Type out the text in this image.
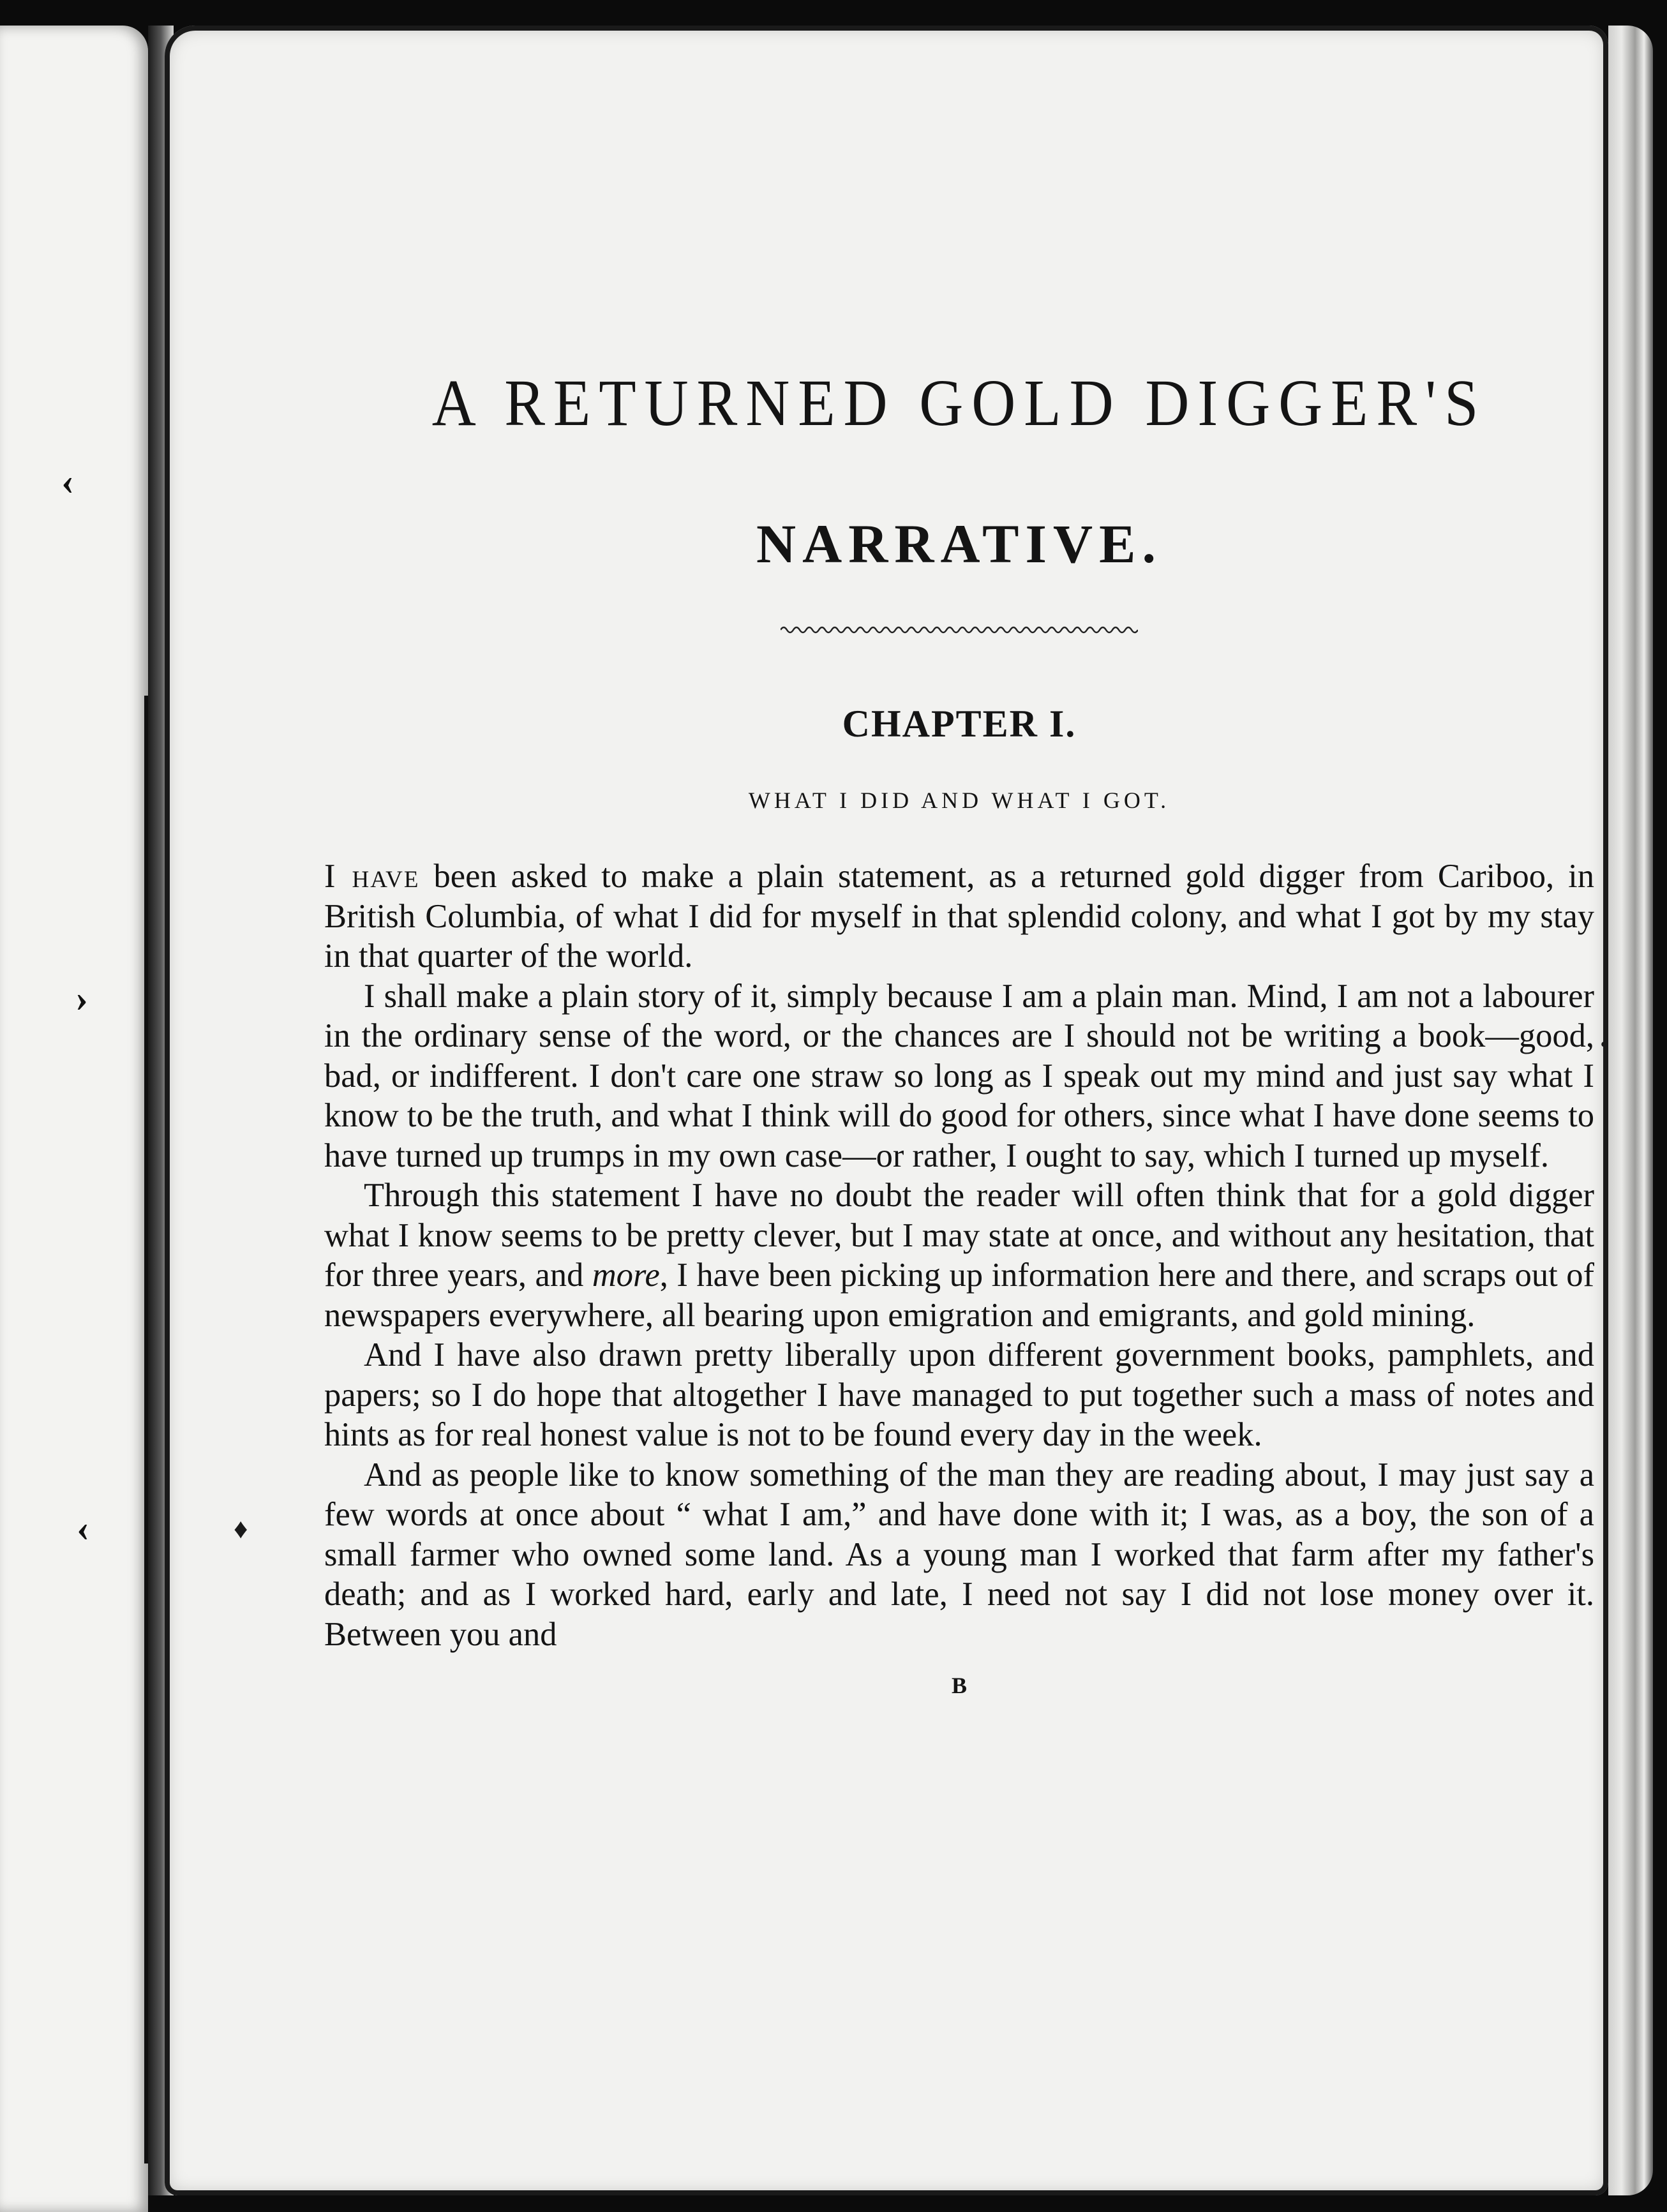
‹
›
‹	♦
•
A RETURNED GOLD DIGGER'S
NARRATIVE.
CHAPTER I.
WHAT I DID AND WHAT I GOT.

I have been asked to make a plain statement, as a returned gold digger from Cariboo, in British Columbia, of what I did for myself in that splendid colony, and what I got by my stay in that quarter of the world.

I shall make a plain story of it, simply because I am a plain man. Mind, I am not a labourer in the ordinary sense of the word, or the chances are I should not be writing a book—good, bad, or indifferent. I don't care one straw so long as I speak out my mind and just say what I know to be the truth, and what I think will do good for others, since what I have done seems to have turned up trumps in my own case—or rather, I ought to say, which I turned up myself.

Through this statement I have no doubt the reader will often think that for a gold digger what I know seems to be pretty clever, but I may state at once, and without any hesitation, that for three years, and more, I have been picking up information here and there, and scraps out of newspapers everywhere, all bearing upon emigration and emigrants, and gold mining.

And I have also drawn pretty liberally upon different government books, pamphlets, and papers; so I do hope that altogether I have managed to put together such a mass of notes and hints as for real honest value is not to be found every day in the week.

And as people like to know something of the man they are reading about, I may just say a few words at once about “ what I am,” and have done with it; I was, as a boy, the son of a small farmer who owned some land. As a young man I worked that farm after my father's death; and as I worked hard, early and late, I need not say I did not lose money over it. Between you and

B
